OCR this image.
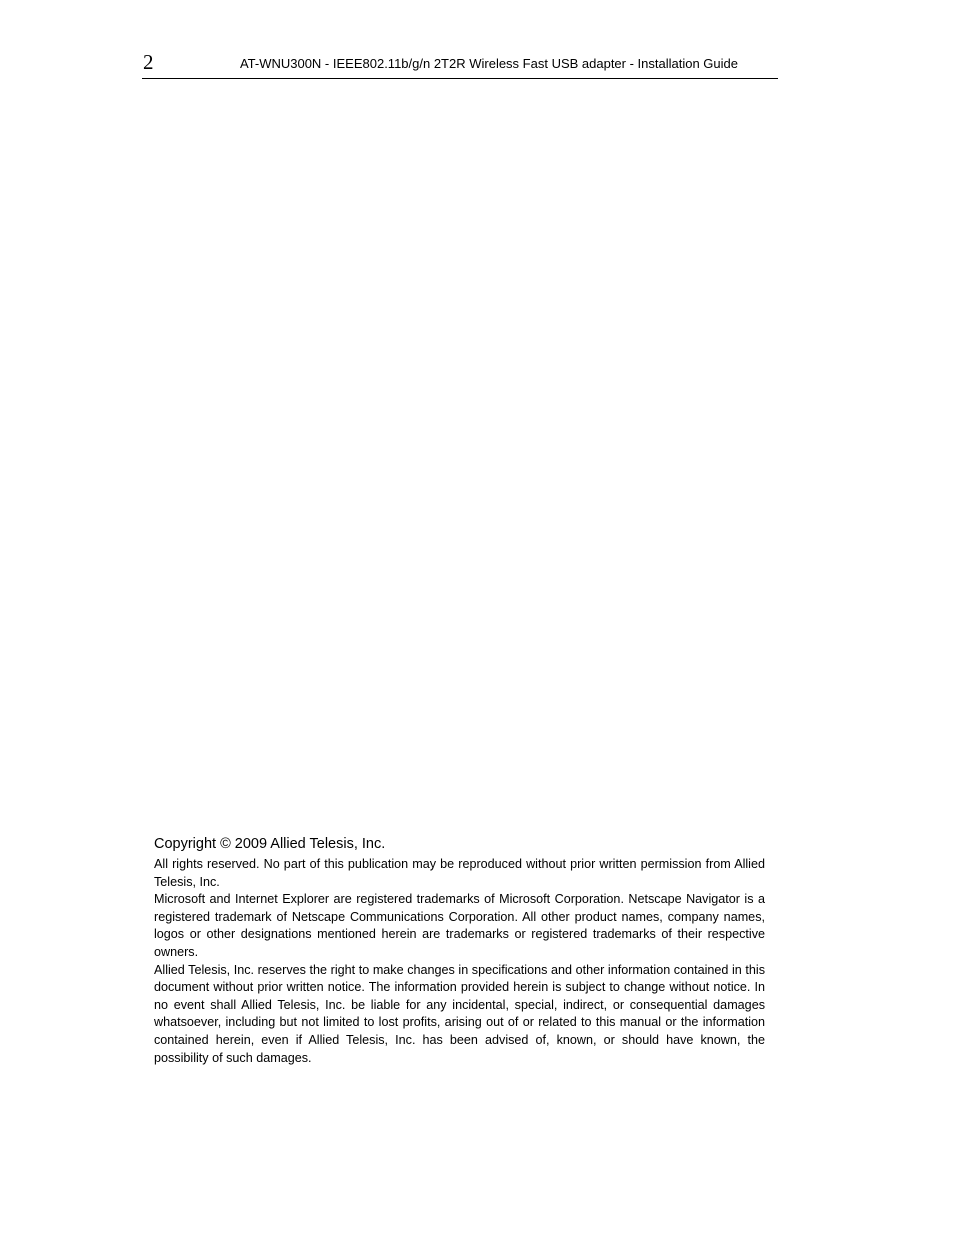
2	AT-WNU300N - IEEE802.11b/g/n 2T2R Wireless Fast USB adapter - Installation Guide

Copyright © 2009 Allied Telesis, Inc.

All rights reserved. No part of this publication may be reproduced without prior written permission from Allied Telesis, Inc.

Microsoft and Internet Explorer are registered trademarks of Microsoft Corporation. Netscape Navigator is a registered trademark of Netscape Communications Corporation. All other product names, company names, logos or other designations mentioned herein are trademarks or registered trademarks of their respective owners.

Allied Telesis, Inc. reserves the right to make changes in specifications and other information contained in this document without prior written notice. The information provided herein is subject to change without notice. In no event shall Allied Telesis, Inc. be liable for any incidental, special, indirect, or consequential damages whatsoever, including but not limited to lost profits, arising out of or related to this manual or the information contained herein, even if Allied Telesis, Inc. has been advised of, known, or should have known, the possibility of such damages.
